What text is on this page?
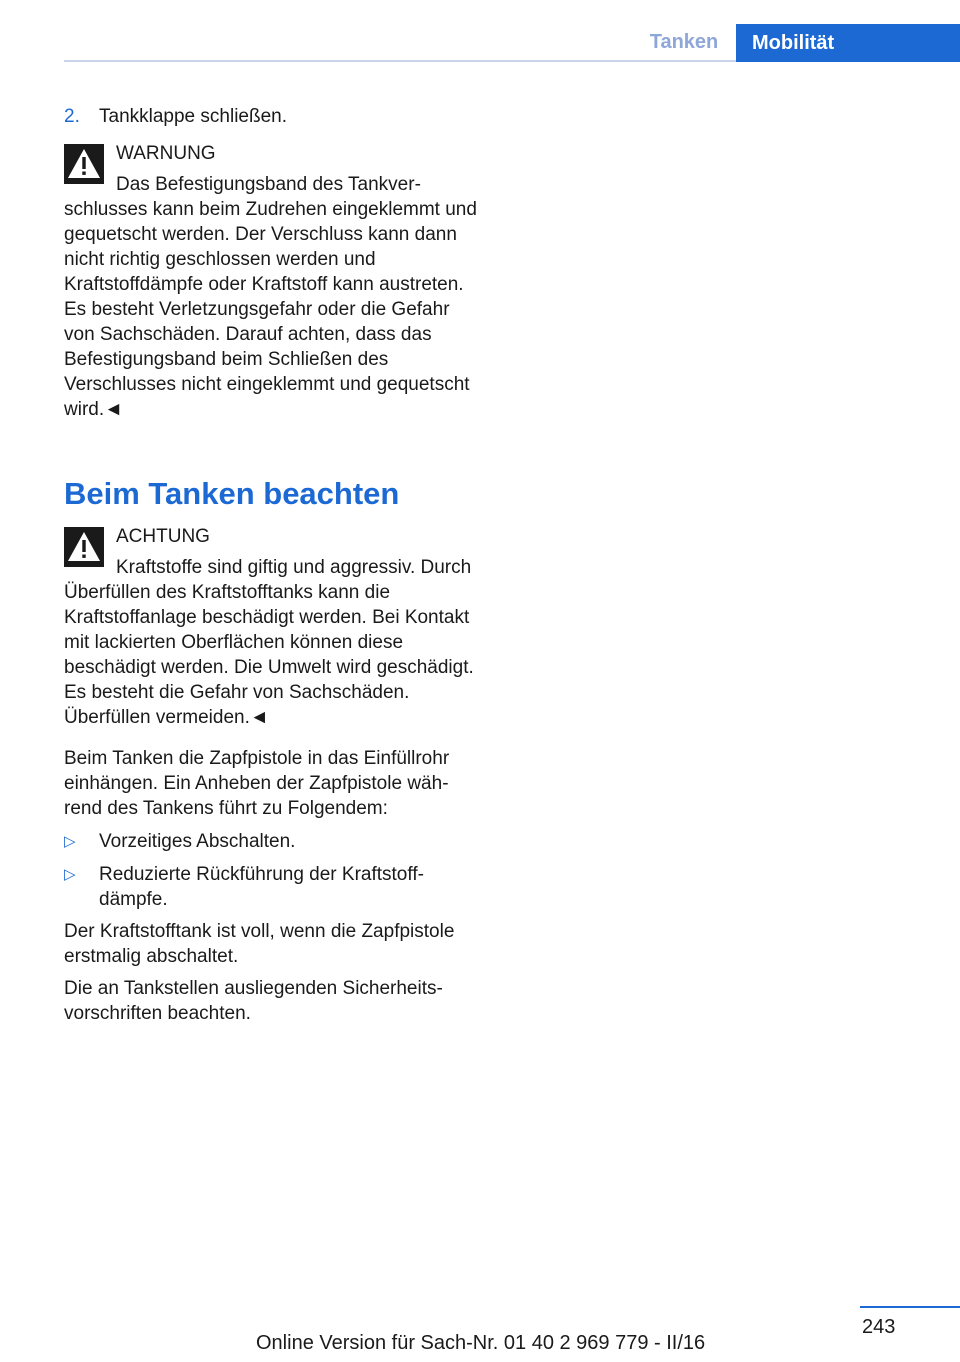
Tanken	Mobilität
2. Tankklappe schließen.
WARNUNG
Das Befestigungsband des Tankverschlusses kann beim Zudrehen eingeklemmt und gequetscht werden. Der Verschluss kann dann nicht richtig geschlossen werden und Kraftstoffdämpfe oder Kraftstoff kann austreten. Es besteht Verletzungsgefahr oder die Gefahr von Sachschäden. Darauf achten, dass das Befestigungsband beim Schließen des Verschlusses nicht eingeklemmt und gequetscht wird.◄
Beim Tanken beachten
ACHTUNG
Kraftstoffe sind giftig und aggressiv. Durch Überfüllen des Kraftstofftanks kann die Kraftstoffanlage beschädigt werden. Bei Kontakt mit lackierten Oberflächen können diese beschädigt werden. Die Umwelt wird geschädigt. Es besteht die Gefahr von Sachschäden. Überfüllen vermeiden.◄
Beim Tanken die Zapfpistole in das Einfüllrohr einhängen. Ein Anheben der Zapfpistole während des Tankens führt zu Folgendem:
▷	Vorzeitiges Abschalten.
▷	Reduzierte Rückführung der Kraftstoffdämpfe.
Der Kraftstofftank ist voll, wenn die Zapfpistole erstmalig abschaltet.
Die an Tankstellen ausliegenden Sicherheitsvorschriften beachten.
243
Online Version für Sach-Nr. 01 40 2 969 779 - II/16
